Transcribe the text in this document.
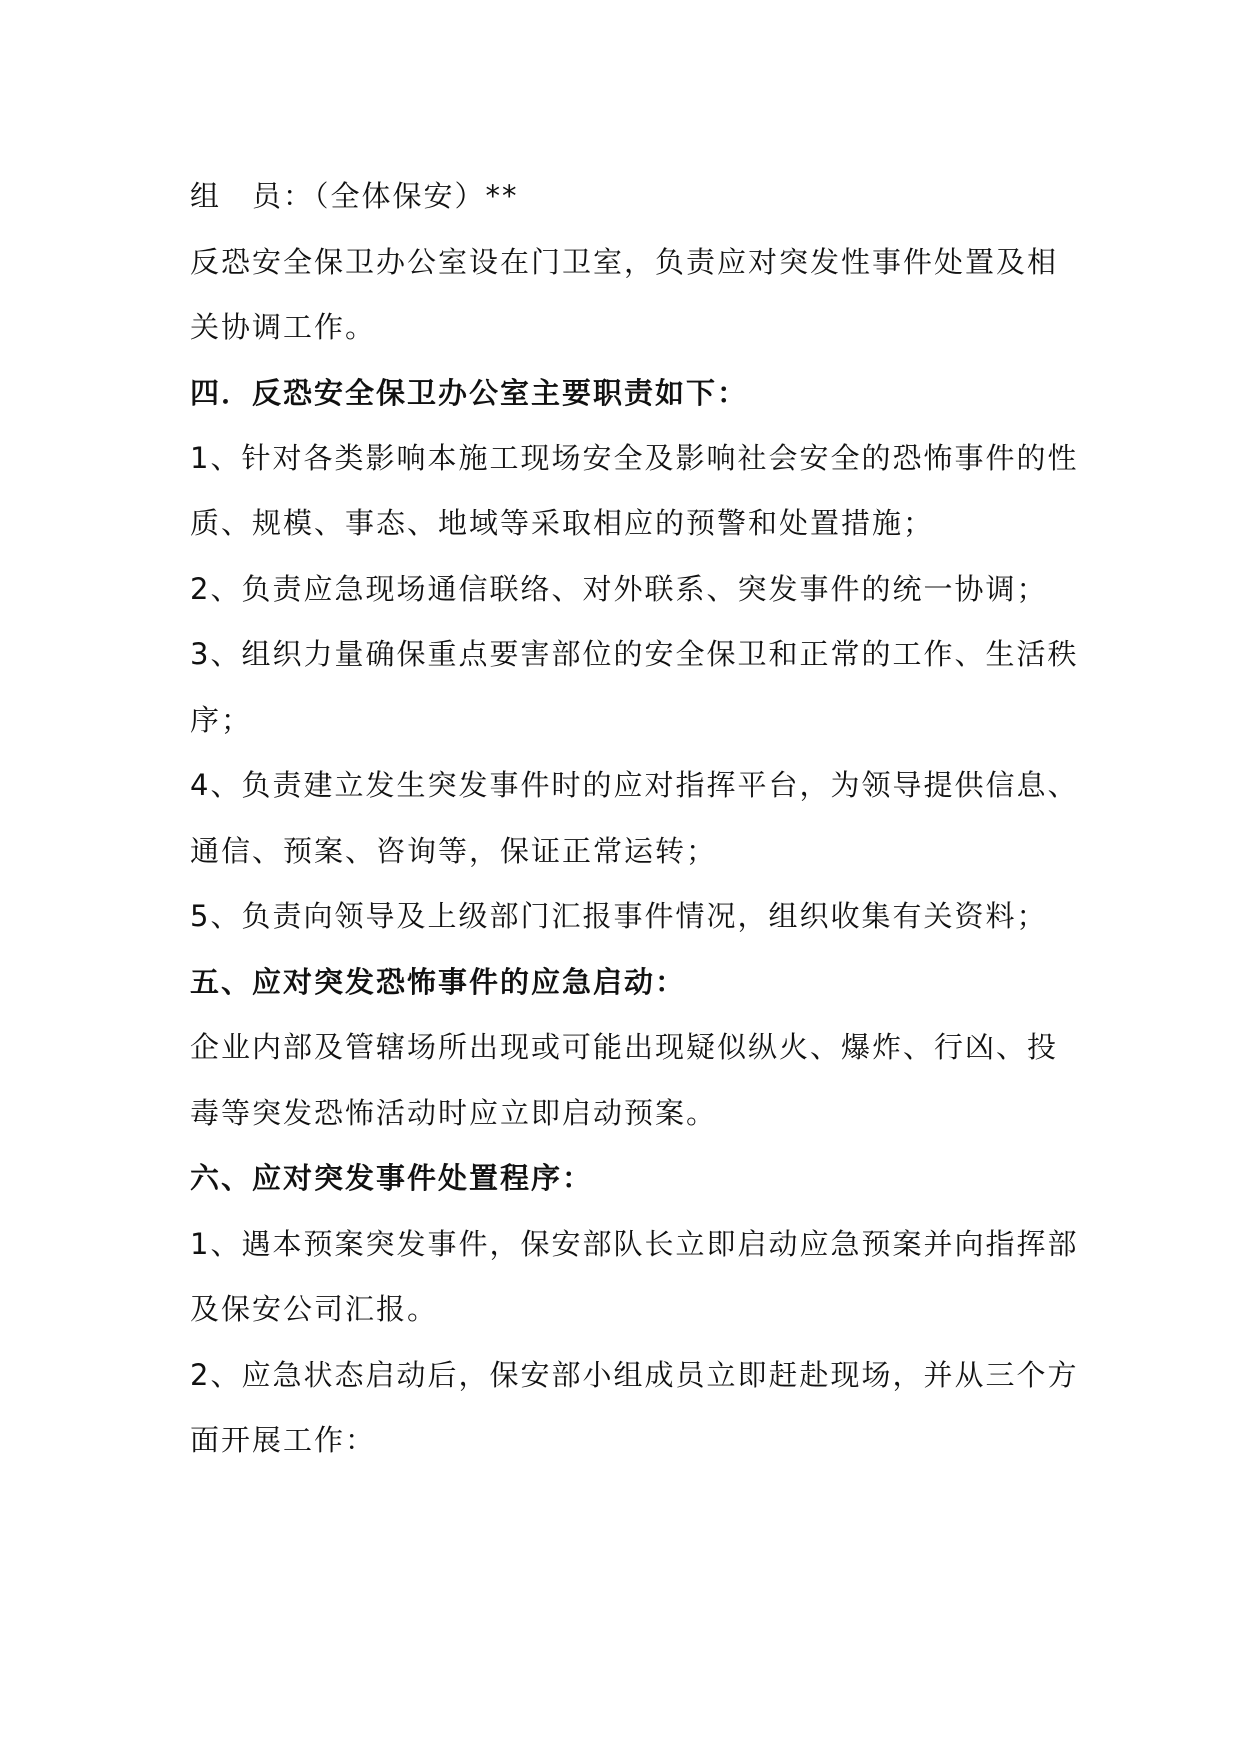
组　员：（全体保安）**
反恐安全保卫办公室设在门卫室，负责应对突发性事件处置及相
关协调工作。
四．反恐安全保卫办公室主要职责如下：
1、针对各类影响本施工现场安全及影响社会安全的恐怖事件的性
质、规模、事态、地域等采取相应的预警和处置措施；
2、负责应急现场通信联络、对外联系、突发事件的统一协调；
3、组织力量确保重点要害部位的安全保卫和正常的工作、生活秩
序；
4、负责建立发生突发事件时的应对指挥平台，为领导提供信息、
通信、预案、咨询等，保证正常运转；
5、负责向领导及上级部门汇报事件情况，组织收集有关资料；
五、应对突发恐怖事件的应急启动：
企业内部及管辖场所出现或可能出现疑似纵火、爆炸、行凶、投
毒等突发恐怖活动时应立即启动预案。
六、应对突发事件处置程序：
1、遇本预案突发事件，保安部队长立即启动应急预案并向指挥部
及保安公司汇报。
2、应急状态启动后，保安部小组成员立即赶赴现场，并从三个方
面开展工作：
